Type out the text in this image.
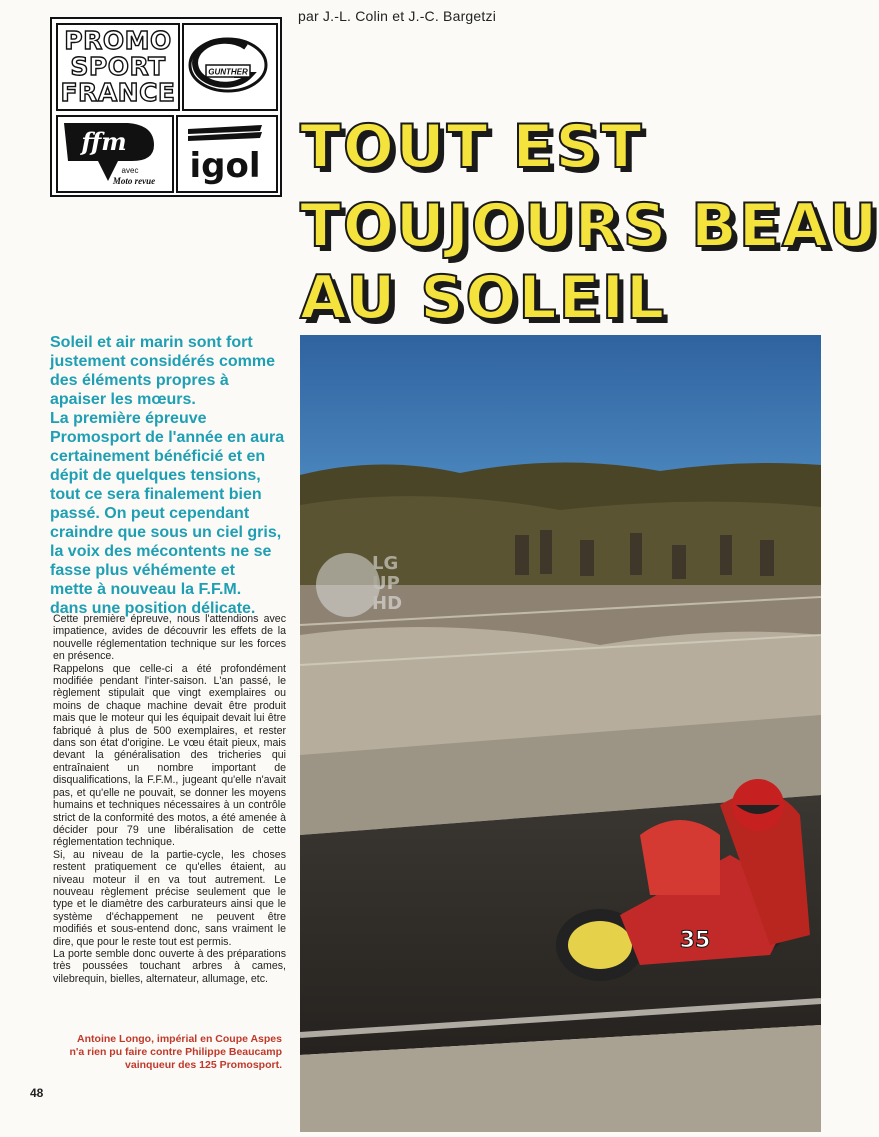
par J.-L. Colin et J.-C. Bargetzi
PROMO
SPORT
FRANCE
GUNTHER
ffm
avec
Moto revue igol TOUT EST
TOUJOURS BEAU
AU SOLEIL

Soleil et air marin sont fort

justement considérés comme

des éléments propres à

apaiser les mœurs.

La première épreuve

Promosport de l'année en aura

certainement bénéficié et en

dépit de quelques tensions,

tout ce sera finalement bien

passé. On peut cependant

craindre que sous un ciel gris,

la voix des mécontents ne se

fasse plus véhémente et

mette à nouveau la F.F.M.

dans une position délicate.

Cette première épreuve, nous l'attendions avec impatience, avides de découvrir les effets de la nouvelle réglementation technique sur les forces en présence.

Rappelons que celle-ci a été profondément modifiée pendant l'inter-saison. L'an passé, le règlement stipulait que vingt exemplaires ou moins de chaque machine devait être produit mais que le moteur qui les équipait devait lui être fabriqué à plus de 500 exemplaires, et rester dans son état d'origine. Le vœu était pieux, mais devant la généralisation des tricheries qui entraînaient un nombre important de disqualifications, la F.F.M., jugeant qu'elle n'avait pas, et qu'elle ne pouvait, se donner les moyens humains et techniques nécessaires à un contrôle strict de la conformité des motos, a été amenée à décider pour 79 une libéralisation de cette réglementation technique.

Si, au niveau de la partie-cycle, les choses restent pratiquement ce qu'elles étaient, au niveau moteur il en va tout autrement. Le nouveau règlement précise seulement que le type et le diamètre des carburateurs ainsi que le système d'échappement ne peuvent être modifiés et sous-entend donc, sans vraiment le dire, que pour le reste tout est permis.

La porte semble donc ouverte à des préparations très poussées touchant arbres à cames, vilebrequin, bielles, alternateur, allumage, etc.

Antoine Longo, impérial en Coupe Aspes
n'a rien pu faire contre Philippe Beaucamp
vainqueur des 125 Promosport.
48
35
LG
UP
HD
